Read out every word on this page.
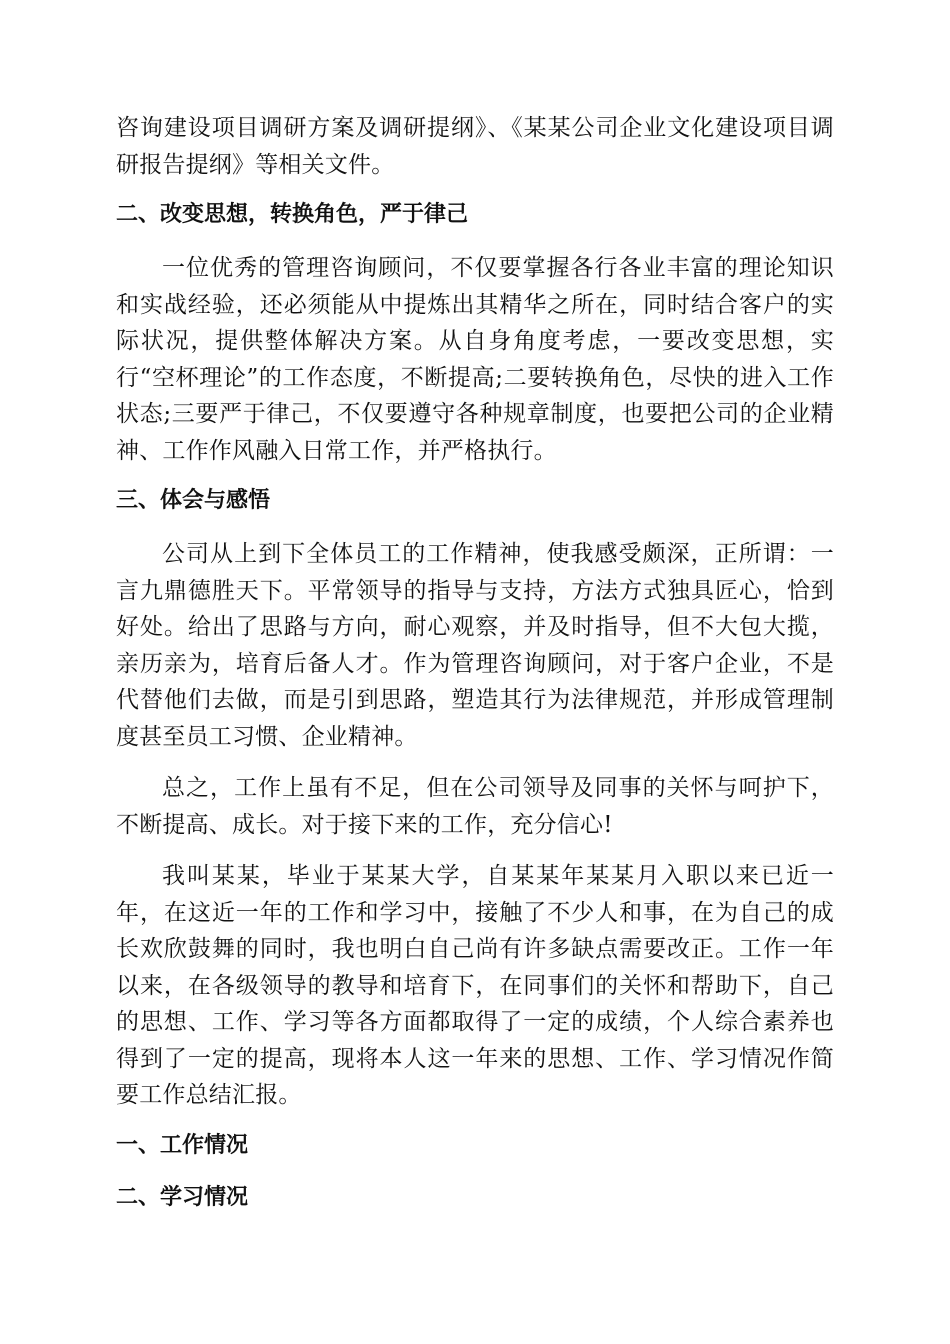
咨询建设项目调研方案及调研提纲》、《某某公司企业文化建设项目调研报告提纲》等相关文件。

二、改变思想，转换角色，严于律己

一位优秀的管理咨询顾问，不仅要掌握各行各业丰富的理论知识和实战经验，还必须能从中提炼出其精华之所在，同时结合客户的实际状况，提供整体解决方案。从自身角度考虑，一要改变思想，实行“空杯理论”的工作态度，不断提高;二要转换角色，尽快的进入工作状态;三要严于律己，不仅要遵守各种规章制度，也要把公司的企业精神、工作作风融入日常工作，并严格执行。

三、体会与感悟

公司从上到下全体员工的工作精神，使我感受颇深，正所谓：一言九鼎德胜天下。平常领导的指导与支持，方法方式独具匠心，恰到好处。给出了思路与方向，耐心观察，并及时指导，但不大包大揽，亲历亲为，培育后备人才。作为管理咨询顾问，对于客户企业，不是代替他们去做，而是引到思路，塑造其行为法律规范，并形成管理制度甚至员工习惯、企业精神。

总之，工作上虽有不足，但在公司领导及同事的关怀与呵护下，不断提高、成长。对于接下来的工作，充分信心!

我叫某某，毕业于某某大学，自某某年某某月入职以来已近一年，在这近一年的工作和学习中，接触了不少人和事，在为自己的成长欢欣鼓舞的同时，我也明白自己尚有许多缺点需要改正。工作一年以来，在各级领导的教导和培育下，在同事们的关怀和帮助下，自己的思想、工作、学习等各方面都取得了一定的成绩，个人综合素养也得到了一定的提高，现将本人这一年来的思想、工作、学习情况作简要工作总结汇报。

一、工作情况
二、学习情况
